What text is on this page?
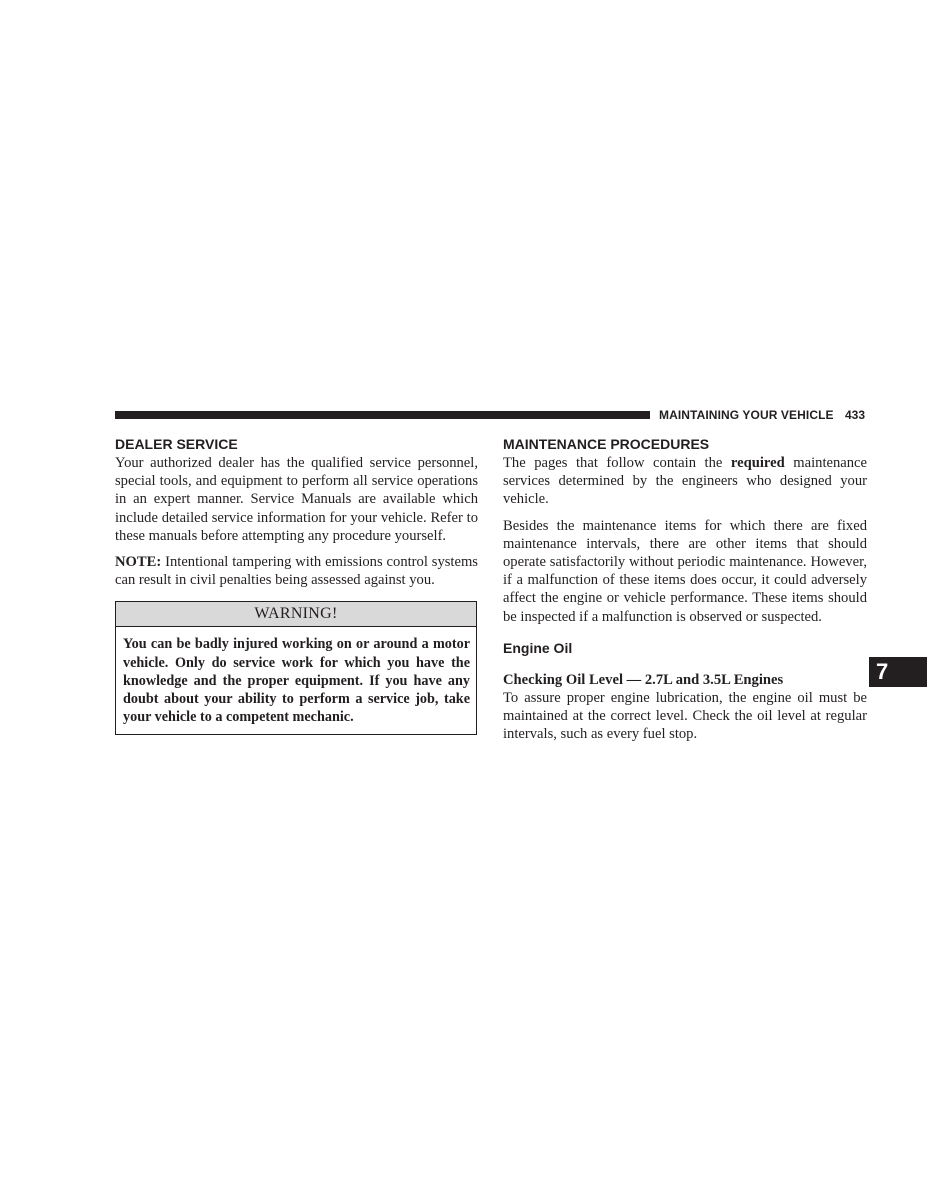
MAINTAINING YOUR VEHICLE 433
DEALER SERVICE

Your authorized dealer has the qualified service personnel, special tools, and equipment to perform all service operations in an expert manner. Service Manuals are available which include detailed service information for your vehicle. Refer to these manuals before attempting any procedure yourself.

NOTE: Intentional tampering with emissions control systems can result in civil penalties being assessed against you.

WARNING!
You can be badly injured working on or around a motor vehicle. Only do service work for which you have the knowledge and the proper equipment. If you have any doubt about your ability to perform a service job, take your vehicle to a competent mechanic.
MAINTENANCE PROCEDURES

The pages that follow contain the required maintenance services determined by the engineers who designed your vehicle.

Besides the maintenance items for which there are fixed maintenance intervals, there are other items that should operate satisfactorily without periodic maintenance. However, if a malfunction of these items does occur, it could adversely affect the engine or vehicle performance. These items should be inspected if a malfunction is observed or suspected.

Engine Oil
Checking Oil Level — 2.7L and 3.5L Engines

To assure proper engine lubrication, the engine oil must be maintained at the correct level. Check the oil level at regular intervals, such as every fuel stop.

7
